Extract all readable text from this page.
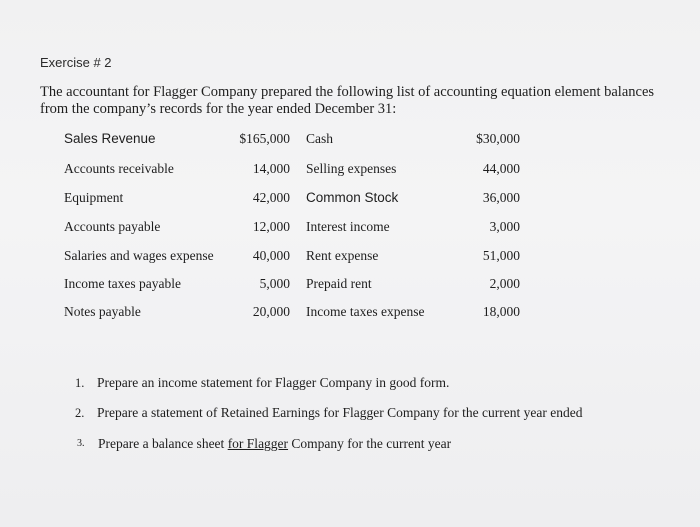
Exercise # 2
The accountant for Flagger Company prepared the following list of accounting equation element balances
from the company’s records for the year ended December 31:
Sales Revenue	$165,000 Cash	$30,000
Accounts receivable	14,000 Selling expenses	44,000
Equipment	42,000 Common Stock	36,000
Accounts payable	12,000 Interest income	3,000
Salaries and wages expense	40,000 Rent expense	51,000
Income taxes payable	5,000 Prepaid rent	2,000
Notes payable	20,000 Income taxes expense	18,000
1. Prepare an income statement for Flagger Company in good form.
2. Prepare a statement of Retained Earnings for Flagger Company for the current year ended
3. Prepare a balance sheet for Flagger Company for the current year
